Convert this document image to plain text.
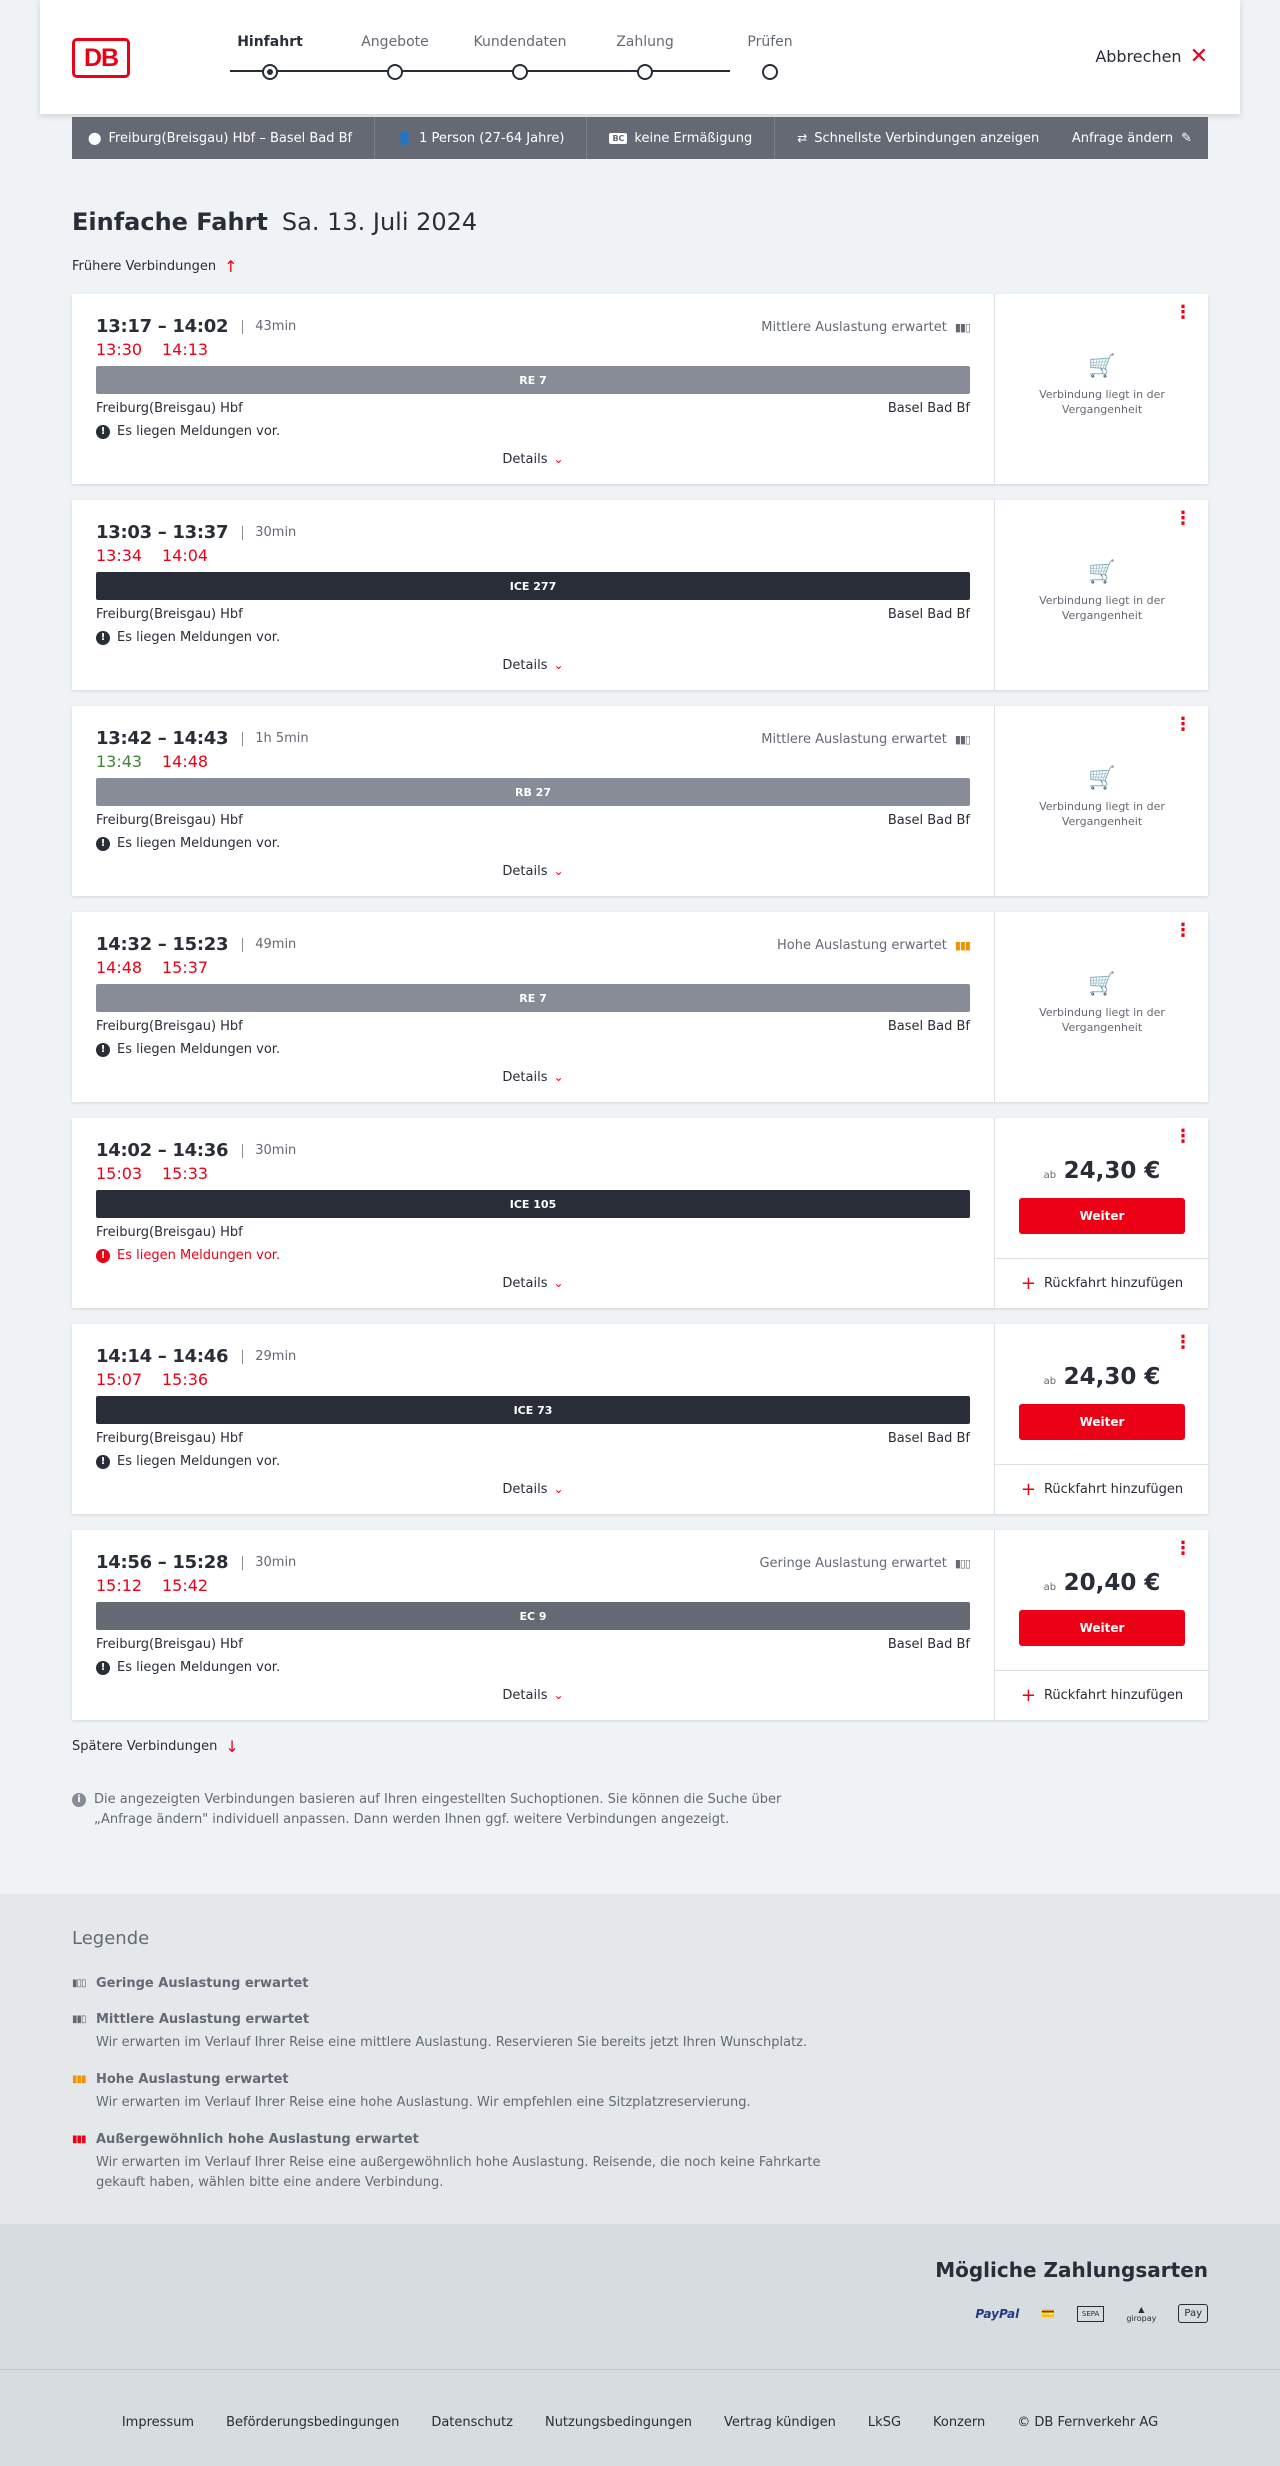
DB
Hinfahrt	Angebote	Kundendaten	Zahlung	Prüfen
Abbrechen ✕
⬤ Freiburg(Breisgau) Hbf – Basel Bad Bf	👤 1 Person (27-64 Jahre)	BC keine Ermäßigung	⇄ Schnellste Verbindungen anzeigen	Anfrage ändern ✎
Einfache Fahrt Sa. 13. Juli 2024
Frühere Verbindungen ↑
13:17 – 14:02 43min
13:30	14:13
Mittlere Auslastung erwartet ▮▮▯
RE 7
Freiburg(Breisgau) Hbf	Basel Bad Bf
! Es liegen Meldungen vor.
Details ⌄
⋮
🛒
Verbindung liegt in der Vergangenheit
13:03 – 13:37 30min
13:34	14:04
ICE 277
Freiburg(Breisgau) Hbf	Basel Bad Bf
! Es liegen Meldungen vor.
Details ⌄
⋮
🛒
Verbindung liegt in der Vergangenheit
13:42 – 14:43 1h 5min
13:43	14:48
Mittlere Auslastung erwartet ▮▮▯
RB 27
Freiburg(Breisgau) Hbf	Basel Bad Bf
! Es liegen Meldungen vor.
Details ⌄
⋮
🛒
Verbindung liegt in der Vergangenheit
14:32 – 15:23 49min
14:48	15:37
Hohe Auslastung erwartet ▮▮▮
RE 7
Freiburg(Breisgau) Hbf	Basel Bad Bf
! Es liegen Meldungen vor.
Details ⌄
⋮
🛒
Verbindung liegt in der Vergangenheit
14:02 – 14:36 30min
15:03	15:33
ICE 105
Freiburg(Breisgau) Hbf
! Es liegen Meldungen vor.
Details ⌄
⋮
ab 24,30 €
Weiter
+ Rückfahrt hinzufügen
14:14 – 14:46 29min
15:07	15:36
ICE 73
Freiburg(Breisgau) Hbf	Basel Bad Bf
! Es liegen Meldungen vor.
Details ⌄
⋮
ab 24,30 €
Weiter
+ Rückfahrt hinzufügen
14:56 – 15:28 30min
15:12	15:42
Geringe Auslastung erwartet ▮▯▯
EC 9
Freiburg(Breisgau) Hbf	Basel Bad Bf
! Es liegen Meldungen vor.
Details ⌄
⋮
ab 20,40 €
Weiter
+ Rückfahrt hinzufügen
Spätere Verbindungen ↓
i	Die angezeigten Verbindungen basieren auf Ihren eingestellten Suchoptionen. Sie können die Suche über „Anfrage ändern" individuell anpassen. Dann werden Ihnen ggf. weitere Verbindungen angezeigt.
Legende
▮▯▯ Geringe Auslastung erwartet
▮▮▯ Mittlere Auslastung erwartet
Wir erwarten im Verlauf Ihrer Reise eine mittlere Auslastung. Reservieren Sie bereits jetzt Ihren Wunschplatz.
▮▮▮ Hohe Auslastung erwartet
Wir erwarten im Verlauf Ihrer Reise eine hohe Auslastung. Wir empfehlen eine Sitzplatzreservierung.
▮▮▮ Außergewöhnlich hohe Auslastung erwartet
Wir erwarten im Verlauf Ihrer Reise eine außergewöhnlich hohe Auslastung. Reisende, die noch keine Fahrkarte gekauft haben, wählen bitte eine andere Verbindung.
Mögliche Zahlungsarten
PayPal 💳	SEPA	▲
giropay	Pay
Impressum Beförderungsbedingungen Datenschutz Nutzungsbedingungen Vertrag kündigen LkSG Konzern © DB Fernverkehr AG
